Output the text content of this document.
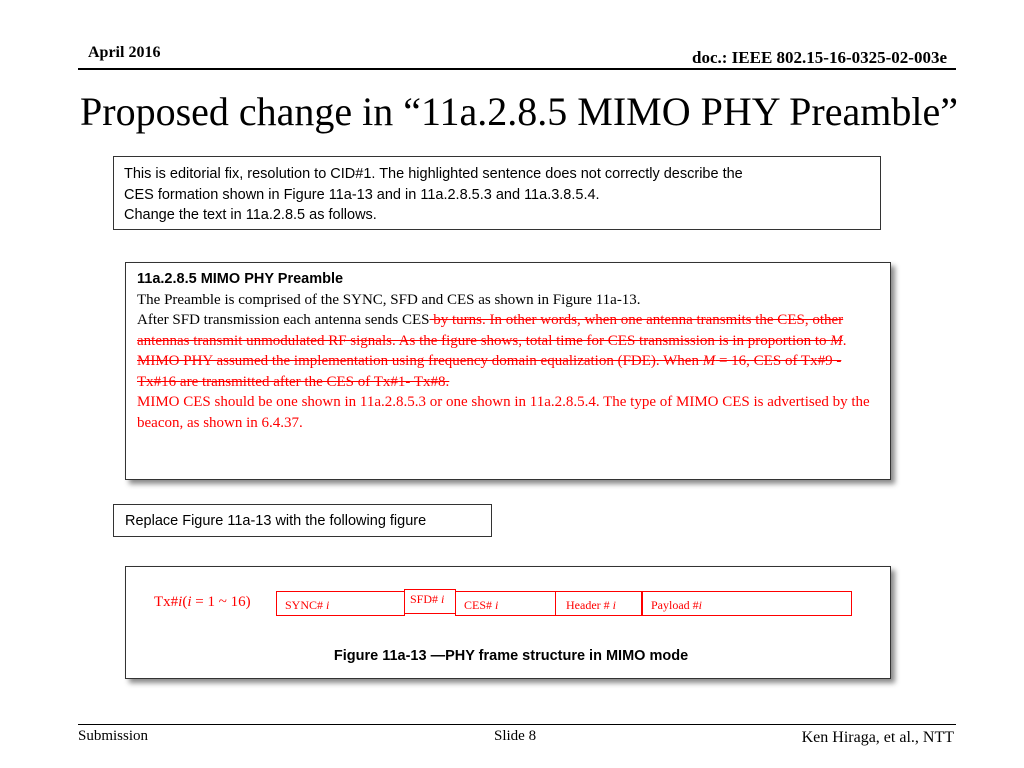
April 2016	doc.: IEEE 802.15-16-0325-02-003e
Proposed change in “11a.2.8.5 MIMO PHY Preamble”
This is editorial fix, resolution to CID#1. The highlighted sentence does not correctly describe the
CES formation shown in Figure 11a-13 and in 11a.2.8.5.3 and 11a.3.8.5.4.
Change the text in 11a.2.8.5 as follows.
11a.2.8.5 MIMO PHY Preamble
The Preamble is comprised of the SYNC, SFD and CES as shown in Figure 11a-13.
After SFD transmission each antenna sends CES by turns. In other words, when one antenna transmits the CES, other antennas transmit unmodulated RF signals. As the figure shows, total time for CES transmission is in proportion to M.
MIMO PHY assumed the implementation using frequency domain equalization (FDE). When M = 16, CES of Tx#9 - Tx#16 are transmitted after the CES of Tx#1- Tx#8.
MIMO CES should be one shown in 11a.2.8.5.3 or one shown in 11a.2.8.5.4. The type of MIMO CES is advertised by the beacon, as shown in 6.4.37.
Replace Figure 11a-13 with the following figure
Tx#i(i = 1 ~ 16)	SYNC# i	SFD# i	CES# i	Header # i	Payload #i
Figure 11a-13 —PHY frame structure in MIMO mode
Submission	Slide 8	Ken Hiraga, et al., NTT
